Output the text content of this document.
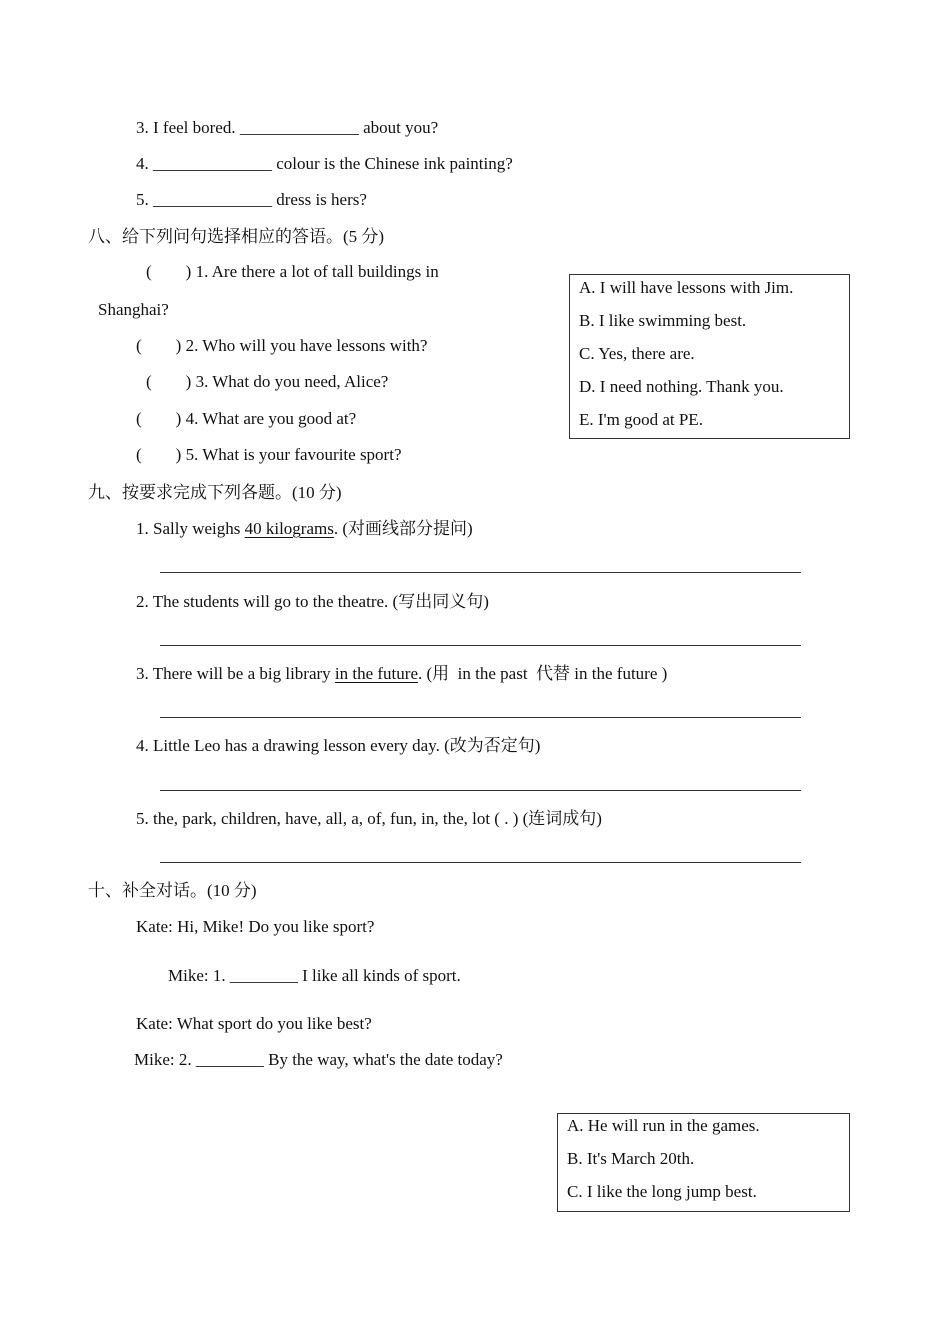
3. I feel bored. ______________ about you?
4. ______________ colour is the Chinese ink painting?
5. ______________ dress is hers?
八、给下列问句选择相应的答语。(5 分)
(　　) 1. Are there a lot of tall buildings in
Shanghai?
(　　) 2. Who will you have lessons with?
(　　) 3. What do you need, Alice?
(　　) 4. What are you good at?
(　　) 5. What is your favourite sport?
A. I will have lessons with Jim.
B. I like swimming best.
C. Yes, there are.
D. I need nothing. Thank you.
E. I'm good at PE.
九、按要求完成下列各题。(10 分)
1. Sally weighs 40 kilograms. (对画线部分提问)
2. The students will go to the theatre. (写出同义句)
3. There will be a big library in the future. (用  in the past  代替 in the future )
4. Little Leo has a drawing lesson every day. (改为否定句)
5. the, park, children, have, all, a, of, fun, in, the, lot ( . ) (连词成句)
十、补全对话。(10 分)
Kate: Hi, Mike! Do you like sport?
Mike: 1. ________ I like all kinds of sport.
Kate: What sport do you like best?
Mike: 2. ________ By the way, what's the date today?
A. He will run in the games.
B. It's March 20th.
C. I like the long jump best.
